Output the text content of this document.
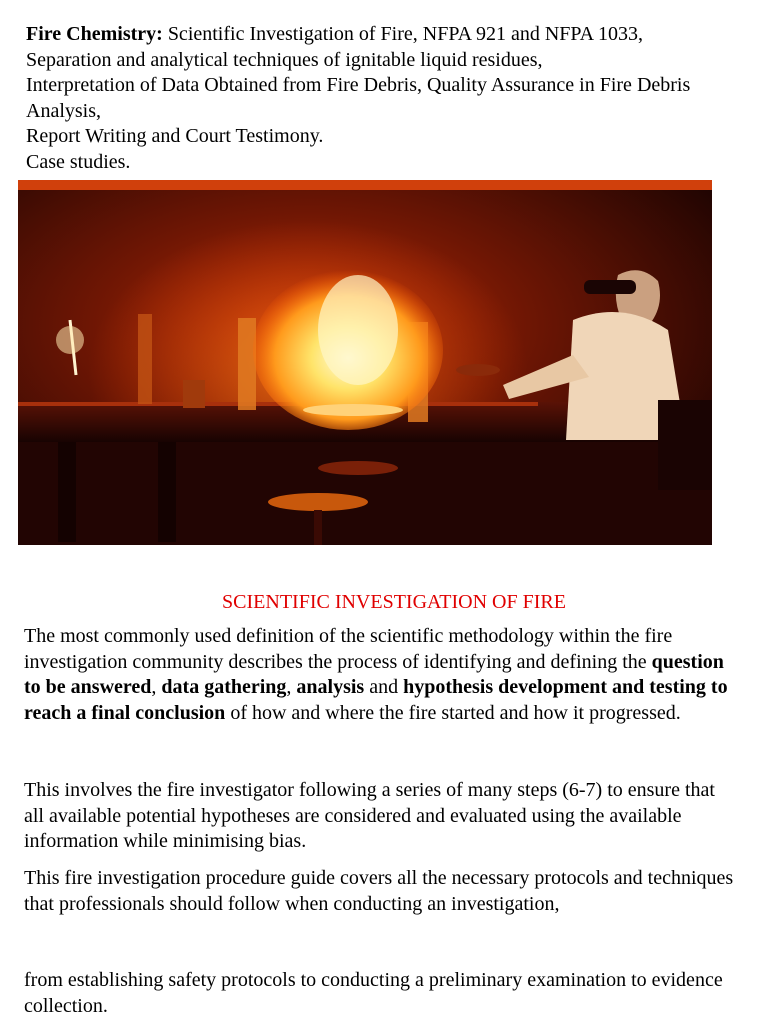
Fire Chemistry: Scientific Investigation of Fire, NFPA 921 and NFPA 1033,

Separation and analytical techniques of ignitable liquid residues,

Interpretation of Data Obtained from Fire Debris, Quality Assurance in Fire Debris Analysis,

Report Writing and Court Testimony.

Case studies.

SCIENTIFIC INVESTIGATION OF FIRE

The most commonly used definition of the scientific methodology within the fire investigation community describes the process of identifying and defining the question to be answered, data gathering, analysis and hypothesis development and testing to reach a final conclusion of how and where the fire started and how it progressed.

This involves the fire investigator following a series of many steps (6-7) to ensure that all available potential hypotheses are considered and evaluated using the available information while minimising bias.

This fire investigation procedure guide covers all the necessary protocols and techniques that professionals should follow when conducting an investigation,

from establishing safety protocols to conducting a preliminary examination to evidence collection.
